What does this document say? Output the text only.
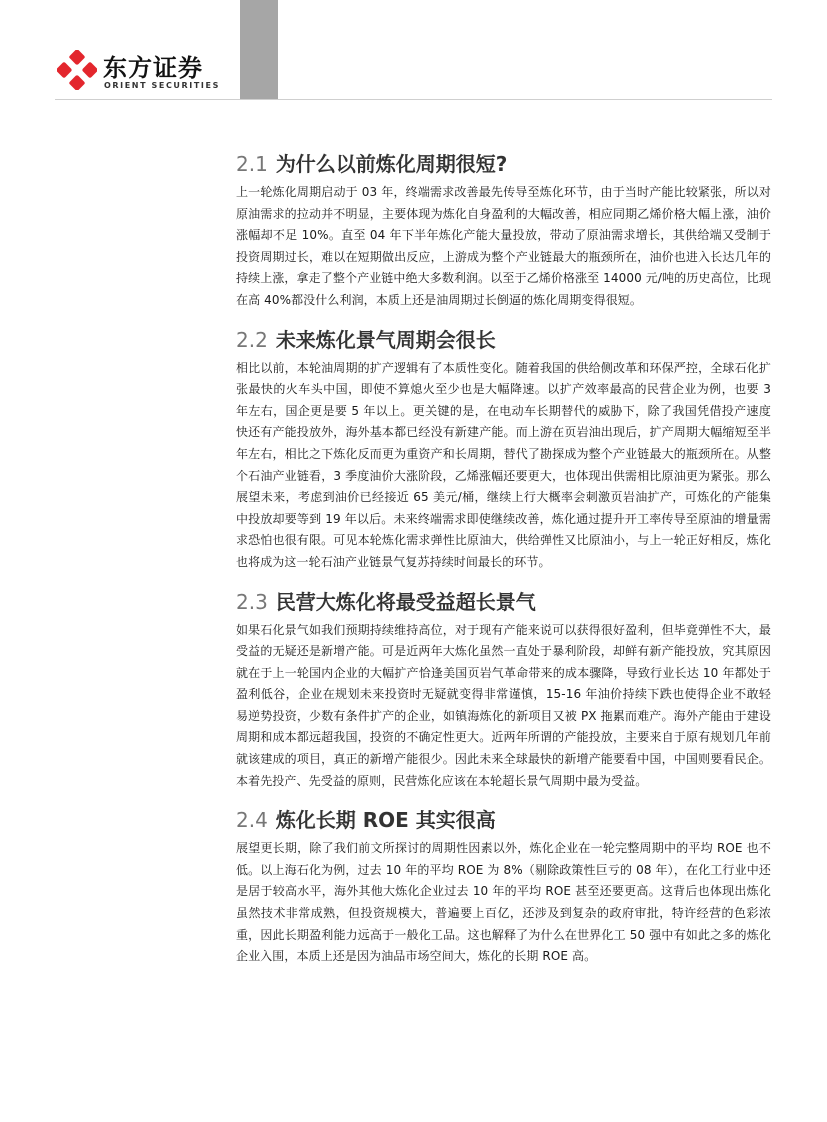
东方证券
ORIENT SECURITIES
2.1 为什么以前炼化周期很短?

上一轮炼化周期启动于 03 年，终端需求改善最先传导至炼化环节，由于当时产能比较紧张，所以对原油需求的拉动并不明显，主要体现为炼化自身盈利的大幅改善，相应同期乙烯价格大幅上涨，油价涨幅却不足 10%。直至 04 年下半年炼化产能大量投放，带动了原油需求增长，其供给端又受制于投资周期过长，难以在短期做出反应，上游成为整个产业链最大的瓶颈所在，油价也进入长达几年的持续上涨，拿走了整个产业链中绝大多数利润。以至于乙烯价格涨至 14000 元/吨的历史高位，比现在高 40%都没什么利润，本质上还是油周期过长倒逼的炼化周期变得很短。

2.2 未来炼化景气周期会很长

相比以前，本轮油周期的扩产逻辑有了本质性变化。随着我国的供给侧改革和环保严控，全球石化扩张最快的火车头中国，即使不算熄火至少也是大幅降速。以扩产效率最高的民营企业为例，也要 3 年左右，国企更是要 5 年以上。更关键的是，在电动车长期替代的威胁下，除了我国凭借投产速度快还有产能投放外，海外基本都已经没有新建产能。而上游在页岩油出现后，扩产周期大幅缩短至半年左右，相比之下炼化反而更为重资产和长周期，替代了勘探成为整个产业链最大的瓶颈所在。从整个石油产业链看，3 季度油价大涨阶段，乙烯涨幅还要更大，也体现出供需相比原油更为紧张。那么展望未来，考虑到油价已经接近 65 美元/桶，继续上行大概率会刺激页岩油扩产，可炼化的产能集中投放却要等到 19 年以后。未来终端需求即使继续改善，炼化通过提升开工率传导至原油的增量需求恐怕也很有限。可见本轮炼化需求弹性比原油大，供给弹性又比原油小，与上一轮正好相反，炼化也将成为这一轮石油产业链景气复苏持续时间最长的环节。

2.3 民营大炼化将最受益超长景气

如果石化景气如我们预期持续维持高位，对于现有产能来说可以获得很好盈利，但毕竟弹性不大，最受益的无疑还是新增产能。可是近两年大炼化虽然一直处于暴利阶段，却鲜有新产能投放，究其原因就在于上一轮国内企业的大幅扩产恰逢美国页岩气革命带来的成本骤降，导致行业长达 10 年都处于盈利低谷，企业在规划未来投资时无疑就变得非常谨慎，15-16 年油价持续下跌也使得企业不敢轻易逆势投资，少数有条件扩产的企业，如镇海炼化的新项目又被 PX 拖累而难产。海外产能由于建设周期和成本都远超我国，投资的不确定性更大。近两年所谓的产能投放，主要来自于原有规划几年前就该建成的项目，真正的新增产能很少。因此未来全球最快的新增产能要看中国，中国则要看民企。本着先投产、先受益的原则，民营炼化应该在本轮超长景气周期中最为受益。

2.4 炼化长期 ROE 其实很高

展望更长期，除了我们前文所探讨的周期性因素以外，炼化企业在一轮完整周期中的平均 ROE 也不低。以上海石化为例，过去 10 年的平均 ROE 为 8%（剔除政策性巨亏的 08 年），在化工行业中还是居于较高水平，海外其他大炼化企业过去 10 年的平均 ROE 甚至还要更高。这背后也体现出炼化虽然技术非常成熟，但投资规模大，普遍要上百亿，还涉及到复杂的政府审批，特许经营的色彩浓重，因此长期盈利能力远高于一般化工品。这也解释了为什么在世界化工 50 强中有如此之多的炼化企业入围，本质上还是因为油品市场空间大，炼化的长期 ROE 高。
